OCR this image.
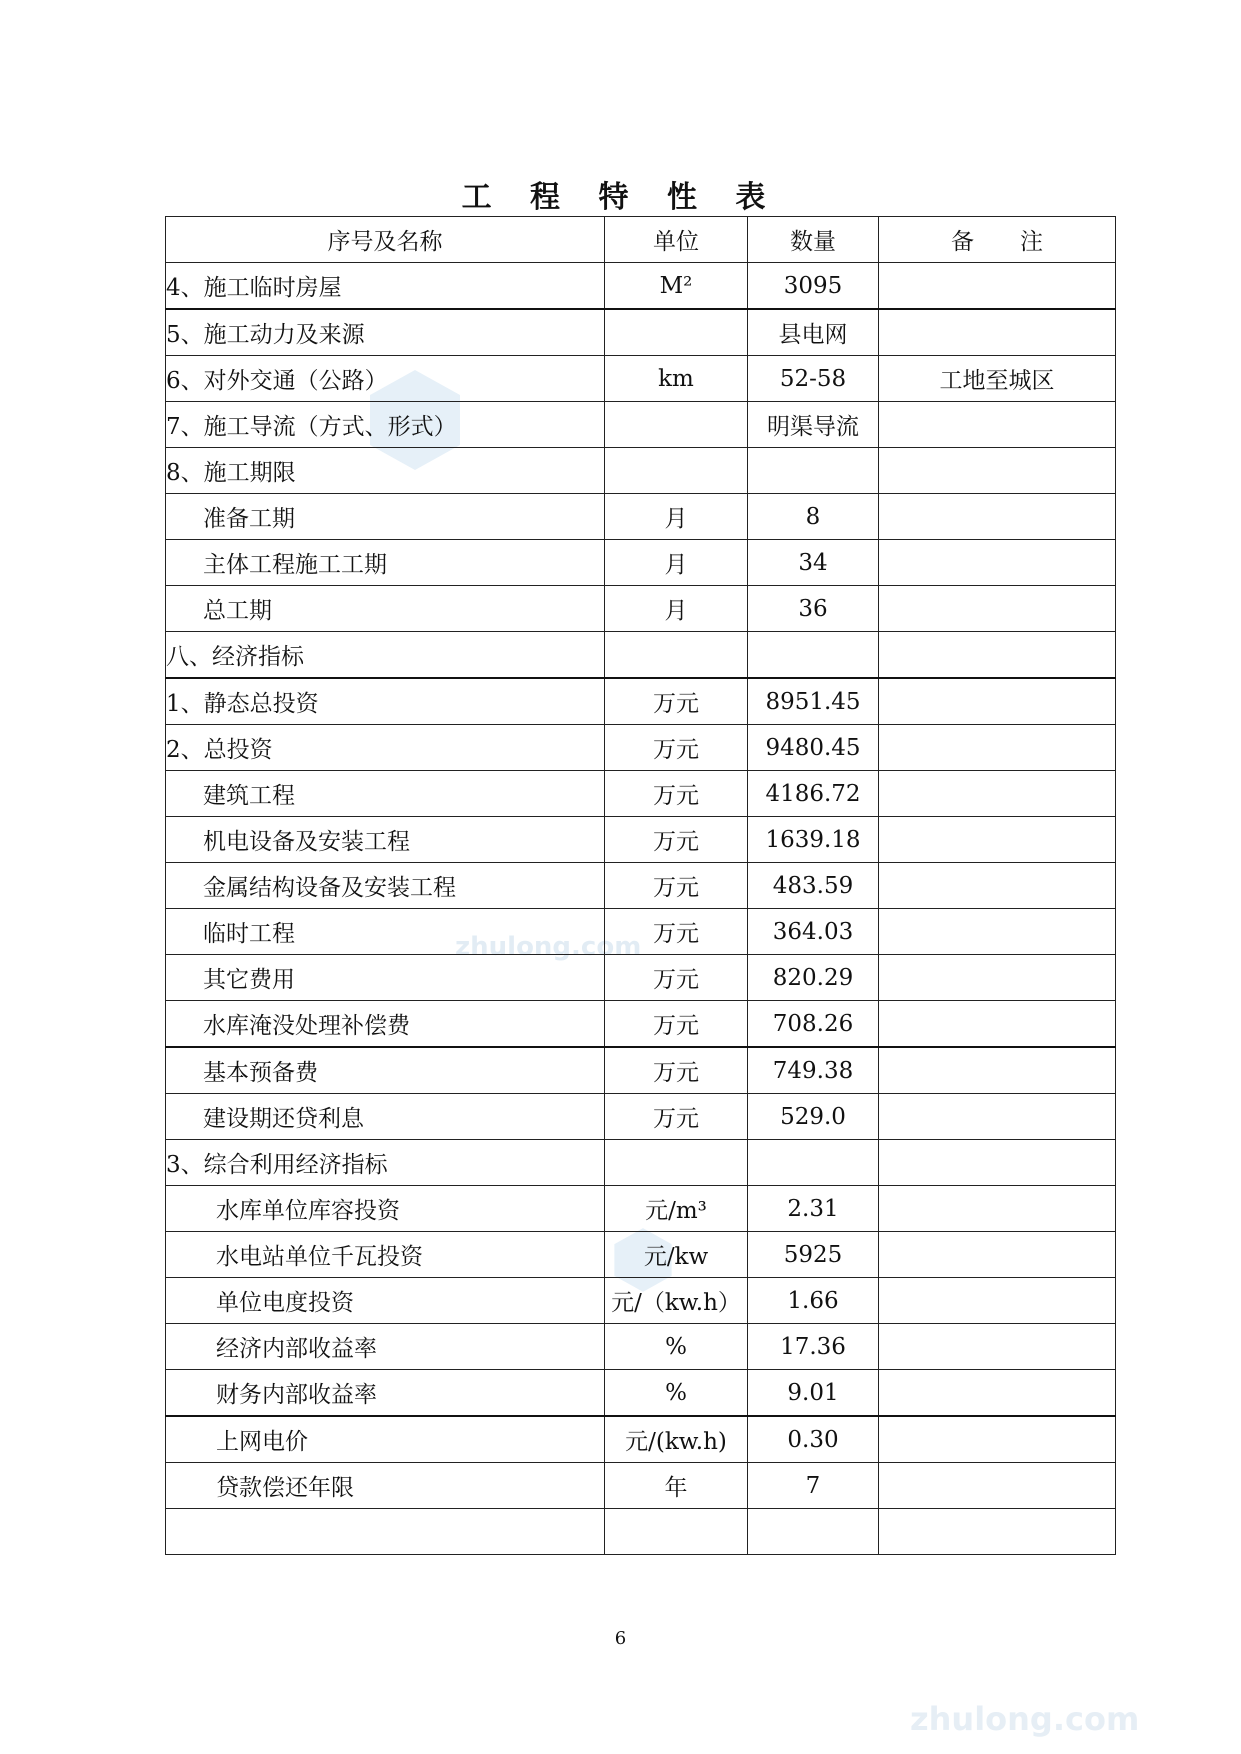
zhulong.com
zhulong.com
工 程 特 性 表
序号及名称	单位	数量	备　　注
4、施工临时房屋	M²	3095	
5、施工动力及来源		县电网	
6、对外交通（公路）	km	52-58	工地至城区
7、施工导流（方式、形式）		明渠导流	
8、施工期限			
准备工期	月	8	
主体工程施工工期	月	34	
总工期	月	36	
八、经济指标			
1、静态总投资	万元	8951.45	
2、总投资	万元	9480.45	
建筑工程	万元	4186.72	
机电设备及安装工程	万元	1639.18	
金属结构设备及安装工程	万元	483.59	
临时工程	万元	364.03	
其它费用	万元	820.29	
水库淹没处理补偿费	万元	708.26	
基本预备费	万元	749.38	
建设期还贷利息	万元	529.0	
3、综合利用经济指标			
水库单位库容投资	元/m³	2.31	
水电站单位千瓦投资	元/kw	5925	
单位电度投资	元/（kw.h）	1.66	
经济内部收益率	%	17.36	
财务内部收益率	%	9.01	
上网电价	元/(kw.h)	0.30	
贷款偿还年限	年	7	

6
